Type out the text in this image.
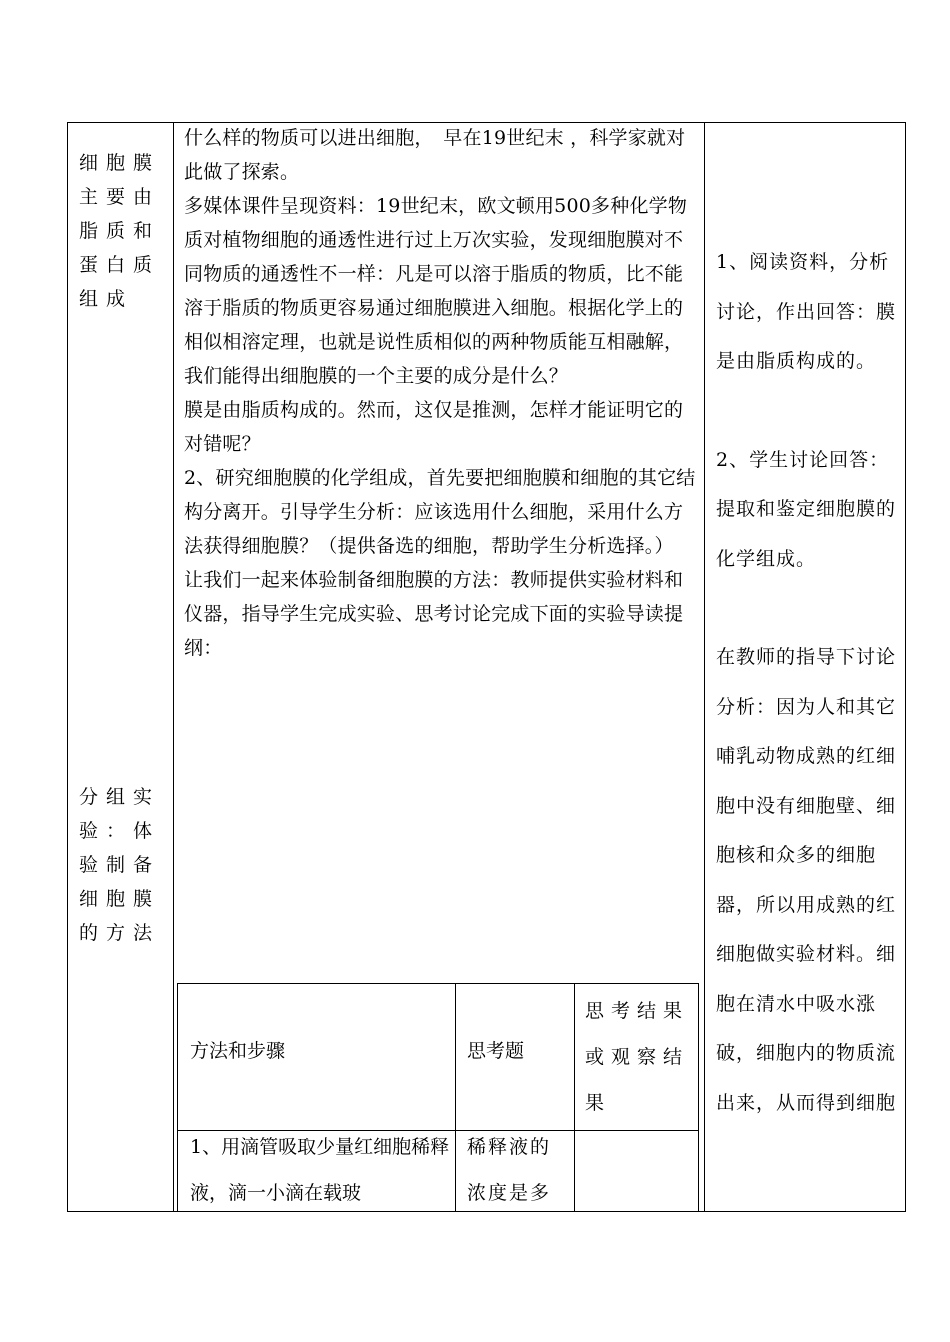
细胞膜主要由脂质和蛋白质组成
分组实验：体验制备细胞膜的方法

什么样的物质可以进出细胞，　早在19世纪末 ，科学家就对此做了探索。

多媒体课件呈现资料：19世纪末，欧文顿用500多种化学物质对植物细胞的通透性进行过上万次实验，发现细胞膜对不同物质的通透性不一样：凡是可以溶于脂质的物质，比不能溶于脂质的物质更容易通过细胞膜进入细胞。根据化学上的相似相溶定理，也就是说性质相似的两种物质能互相融解，我们能得出细胞膜的一个主要的成分是什么？

膜是由脂质构成的。然而，这仅是推测，怎样才能证明它的对错呢？

2、研究细胞膜的化学组成，首先要把细胞膜和细胞的其它结构分离开。引导学生分析：应该选用什么细胞，采用什么方法获得细胞膜？（提供备选的细胞，帮助学生分析选择。）

让我们一起来体验制备细胞膜的方法：教师提供实验材料和仪器，指导学生完成实验、思考讨论完成下面的实验导读提纲：

方法和步骤	思考题
思考结果或观察结果
1、用滴管吸取少量红细胞稀释液，滴一小滴在载玻
稀释液的浓度是多

1、阅读资料，分析讨论，作出回答：膜是由脂质构成的。

2、学生讨论回答：提取和鉴定细胞膜的化学组成。

在教师的指导下讨论分析：因为人和其它哺乳动物成熟的红细胞中没有细胞壁、细胞核和众多的细胞器，所以用成熟的红细胞做实验材料。细胞在清水中吸水涨破，细胞内的物质流出来，从而得到细胞
